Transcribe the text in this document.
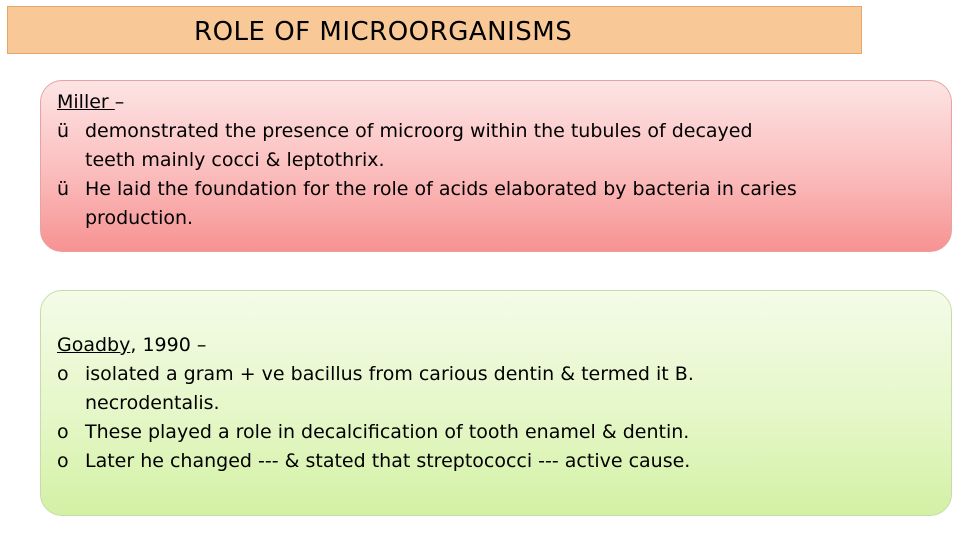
ROLE OF MICROORGANISMS
Miller –
ü demonstrated the presence of microorg within the tubules of decayed
teeth mainly cocci & leptothrix.
ü He laid the foundation for the role of acids elaborated by bacteria in caries
production.
Goadby, 1990 –
o isolated a gram + ve bacillus from carious dentin & termed it B.
necrodentalis.
o These played a role in decalcification of tooth enamel & dentin.
o Later he changed --- & stated that streptococci --- active cause.
